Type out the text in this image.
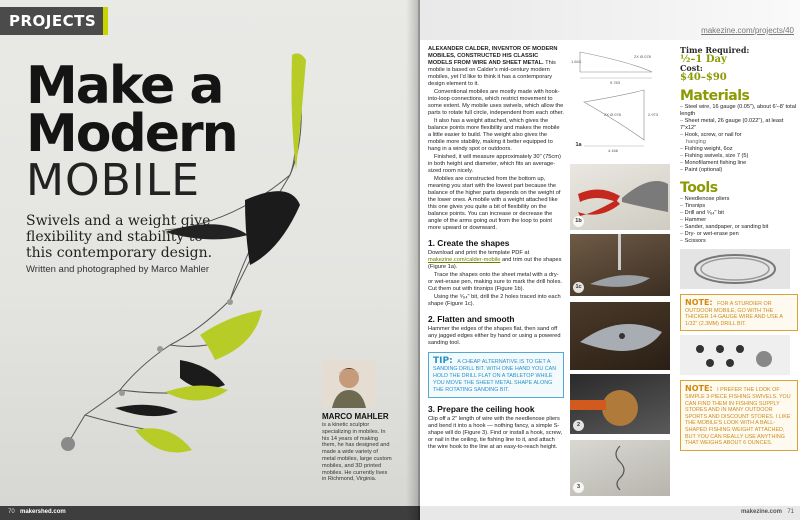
PROJECTS
Make a
Modern
MOBILE
Swivels and a weight give flexibility and stability to this contemporary design.
Written and photographed by Marco Mahler
MARCO MAHLER
is a kinetic sculptor specializing in mobiles. In his 14 years of making them, he has designed and made a wide variety of metal mobiles, large custom mobiles, and 3D printed mobiles. He currently lives in Richmond, Virginia.
70 makershed.com
makezine.com/projects/40

ALEXANDER CALDER, INVENTOR OF MODERN MOBILES, CONSTRUCTED HIS CLASSIC MODELS FROM WIRE AND SHEET METAL. This mobile is based on Calder's mid-century modern mobiles, yet I'd like to think it has a contemporary design element to it.

Conventional mobiles are mostly made with hook-into-loop connections, which restrict movement to some extent. My mobile uses swivels, which allow the parts to rotate full circle, independent from each other.

It also has a weight attached, which gives the balance points more flexibility and makes the mobile a little easier to build. The weight also gives the mobile more stability, making it better equipped to hang in a windy spot or outdoors.

Finished, it will measure approximately 30" (75cm) in both height and diameter, which fits an average-sized room nicely.

Mobiles are constructed from the bottom up, meaning you start with the lowest part because the balance of the higher parts depends on the weight of the lower ones. A mobile with a weight attached like this one gives you quite a bit of flexibility on the balance points. You can increase or decrease the angle of the arms going out from the loop to point more upward or downward.

1. Create the shapes

Download and print the template PDF at makezine.com/calder-mobile and trim out the shapes (Figure 1a).

Trace the shapes onto the sheet metal with a dry- or wet-erase pen, making sure to mark the drill holes. Cut them out with tinsnips (Figure 1b).

Using the ⁵⁄₆₄" bit, drill the 2 holes traced into each shape (Figure 1c).

2. Flatten and smooth

Hammer the edges of the shapes flat, then sand off any jagged edges either by hand or using a powered sanding tool.

TIP: A CHEAP ALTERNATIVE IS TO GET A SANDING DRILL BIT. WITH ONE HAND YOU CAN HOLD THE DRILL FLAT ON A TABLETOP WHILE YOU MOVE THE SHEET METAL SHAPE ALONG THE ROTATING SANDING BIT.
3. Prepare the ceiling hook

Clip off a 2" length of wire with the needlenose pliers and bend it into a hook — nothing fancy, a simple S-shape will do (Figure 3). Find or install a hook, screw, or nail in the ceiling, tie fishing line to it, and attach the wire hook to the line at an easy-to-reach height.

1.643
9.783
2X Ø.078
2.973
2X Ø.078
4.166
1a
1b
1c
2
3
Time Required:
½–1 Day
Cost:
$40–$90
Materials
– Steel wire, 16 gauge (0.05"), about 6'–8' total length
– Sheet metal, 26 gauge (0.022"), at least 7"x12"
– Hook, screw, or nail for
hanging
– Fishing weight, 6oz
– Fishing swivels, size 7 (5)
– Monofilament fishing line
– Paint (optional)
Tools
– Needlenose pliers
– Tinsnips
– Drill and ⁵⁄₆₄" bit
– Hammer
– Sander, sandpaper, or sanding bit
– Dry- or wet-erase pen
– Scissors
NOTE: FOR A STURDIER OR OUTDOOR MOBILE, GO WITH THE THICKER 14-GAUGE WIRE AND USE A 1/32" (2.3MM) DRILL BIT.
NOTE: I PREFER THE LOOK OF SIMPLE 3-PIECE FISHING SWIVELS. YOU CAN FIND THEM IN FISHING SUPPLY STORES AND IN MANY OUTDOOR SPORTS AND DISCOUNT STORES. I LIKE THE MOBILE'S LOOK WITH A BALL-SHAPED FISHING WEIGHT ATTACHED, BUT YOU CAN REALLY USE ANYTHING THAT WEIGHS ABOUT 6 OUNCES.
makezine.com 71
